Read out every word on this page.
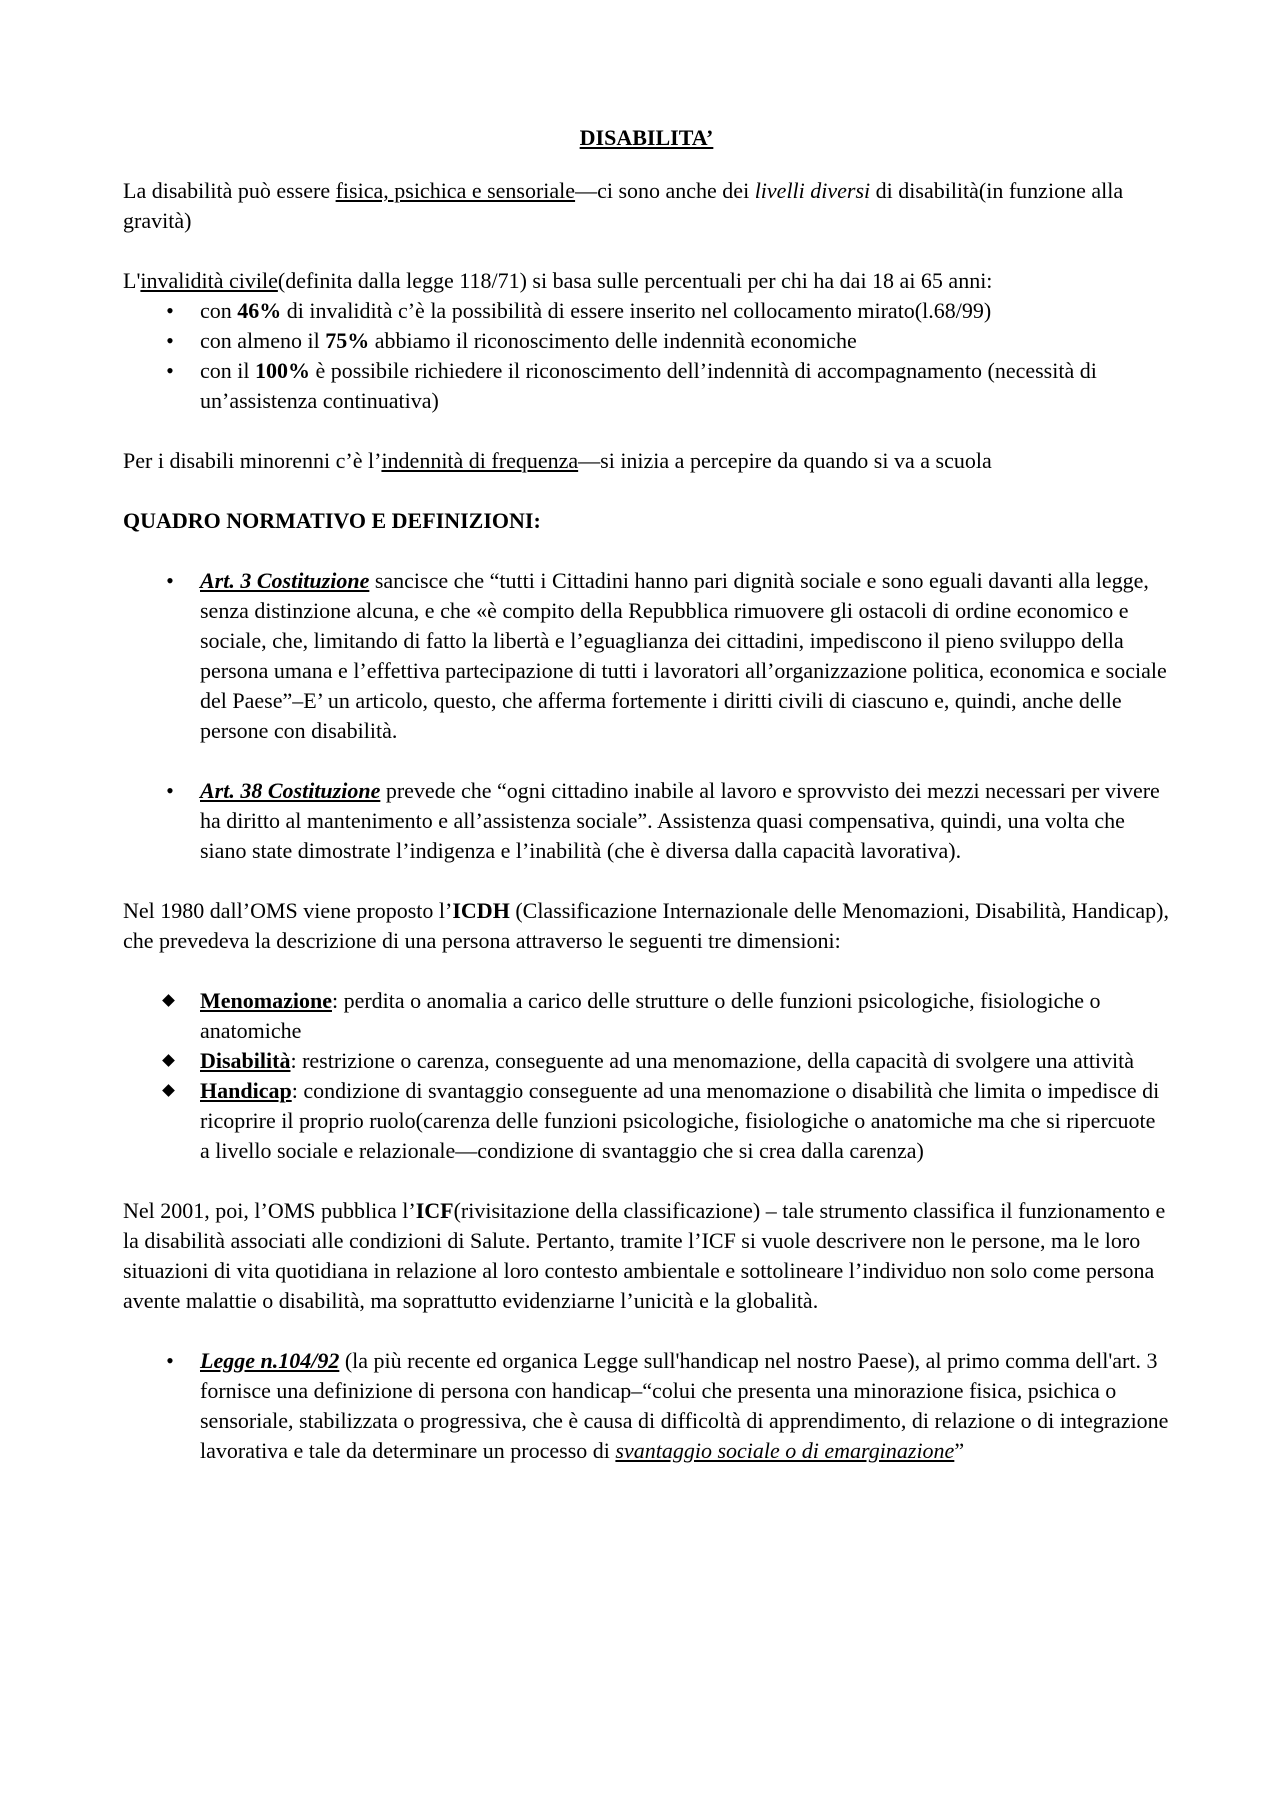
DISABILITA’

La disabilità può essere fisica, psichica e sensoriale—ci sono anche dei livelli diversi di disabilità(in funzione alla gravità)

L'invalidità civile(definita dalla legge 118/71) si basa sulle percentuali per chi ha dai 18 ai 65 anni:

• con 46% di invalidità c’è la possibilità di essere inserito nel collocamento mirato(l.68/99)
• con almeno il 75% abbiamo il riconoscimento delle indennità economiche
• con il 100% è possibile richiedere il riconoscimento dell’indennità di accompagnamento (necessità di un’assistenza continuativa)

Per i disabili minorenni c’è l’indennità di frequenza—si inizia a percepire da quando si va a scuola

QUADRO NORMATIVO E DEFINIZIONI:

• Art. 3 Costituzione sancisce che “tutti i Cittadini hanno pari dignità sociale e sono eguali davanti alla legge, senza distinzione alcuna, e che «è compito della Repubblica rimuovere gli ostacoli di ordine economico e sociale, che, limitando di fatto la libertà e l’eguaglianza dei cittadini, impediscono il pieno sviluppo della persona umana e l’effettiva partecipazione di tutti i lavoratori all’organizzazione politica, economica e sociale del Paese”–E’ un articolo, questo, che afferma fortemente i diritti civili di ciascuno e, quindi, anche delle persone con disabilità.
• Art. 38 Costituzione prevede che “ogni cittadino inabile al lavoro e sprovvisto dei mezzi necessari per vivere ha diritto al mantenimento e all’assistenza sociale”. Assistenza quasi compensativa, quindi, una volta che siano state dimostrate l’indigenza e l’inabilità (che è diversa dalla capacità lavorativa).

Nel 1980 dall’OMS viene proposto l’ICDH (Classificazione Internazionale delle Menomazioni, Disabilità, Handicap), che prevedeva la descrizione di una persona attraverso le seguenti tre dimensioni:

Menomazione: perdita o anomalia a carico delle strutture o delle funzioni psicologiche, fisiologiche o anatomiche
Disabilità: restrizione o carenza, conseguente ad una menomazione, della capacità di svolgere una attività
Handicap: condizione di svantaggio conseguente ad una menomazione o disabilità che limita o impedisce di ricoprire il proprio ruolo(carenza delle funzioni psicologiche, fisiologiche o anatomiche ma che si ripercuote a livello sociale e relazionale—condizione di svantaggio che si crea dalla carenza)

Nel 2001, poi, l’OMS pubblica l’ICF(rivisitazione della classificazione) – tale strumento classifica il funzionamento e la disabilità associati alle condizioni di Salute. Pertanto, tramite l’ICF si vuole descrivere non le persone, ma le loro situazioni di vita quotidiana in relazione al loro contesto ambientale e sottolineare l’individuo non solo come persona avente malattie o disabilità, ma soprattutto evidenziarne l’unicità e la globalità.

• Legge n.104/92 (la più recente ed organica Legge sull'handicap nel nostro Paese), al primo comma dell'art. 3 fornisce una definizione di persona con handicap–“colui che presenta una minorazione fisica, psichica o sensoriale, stabilizzata o progressiva, che è causa di difficoltà di apprendimento, di relazione o di integrazione lavorativa e tale da determinare un processo di svantaggio sociale o di emarginazione”
